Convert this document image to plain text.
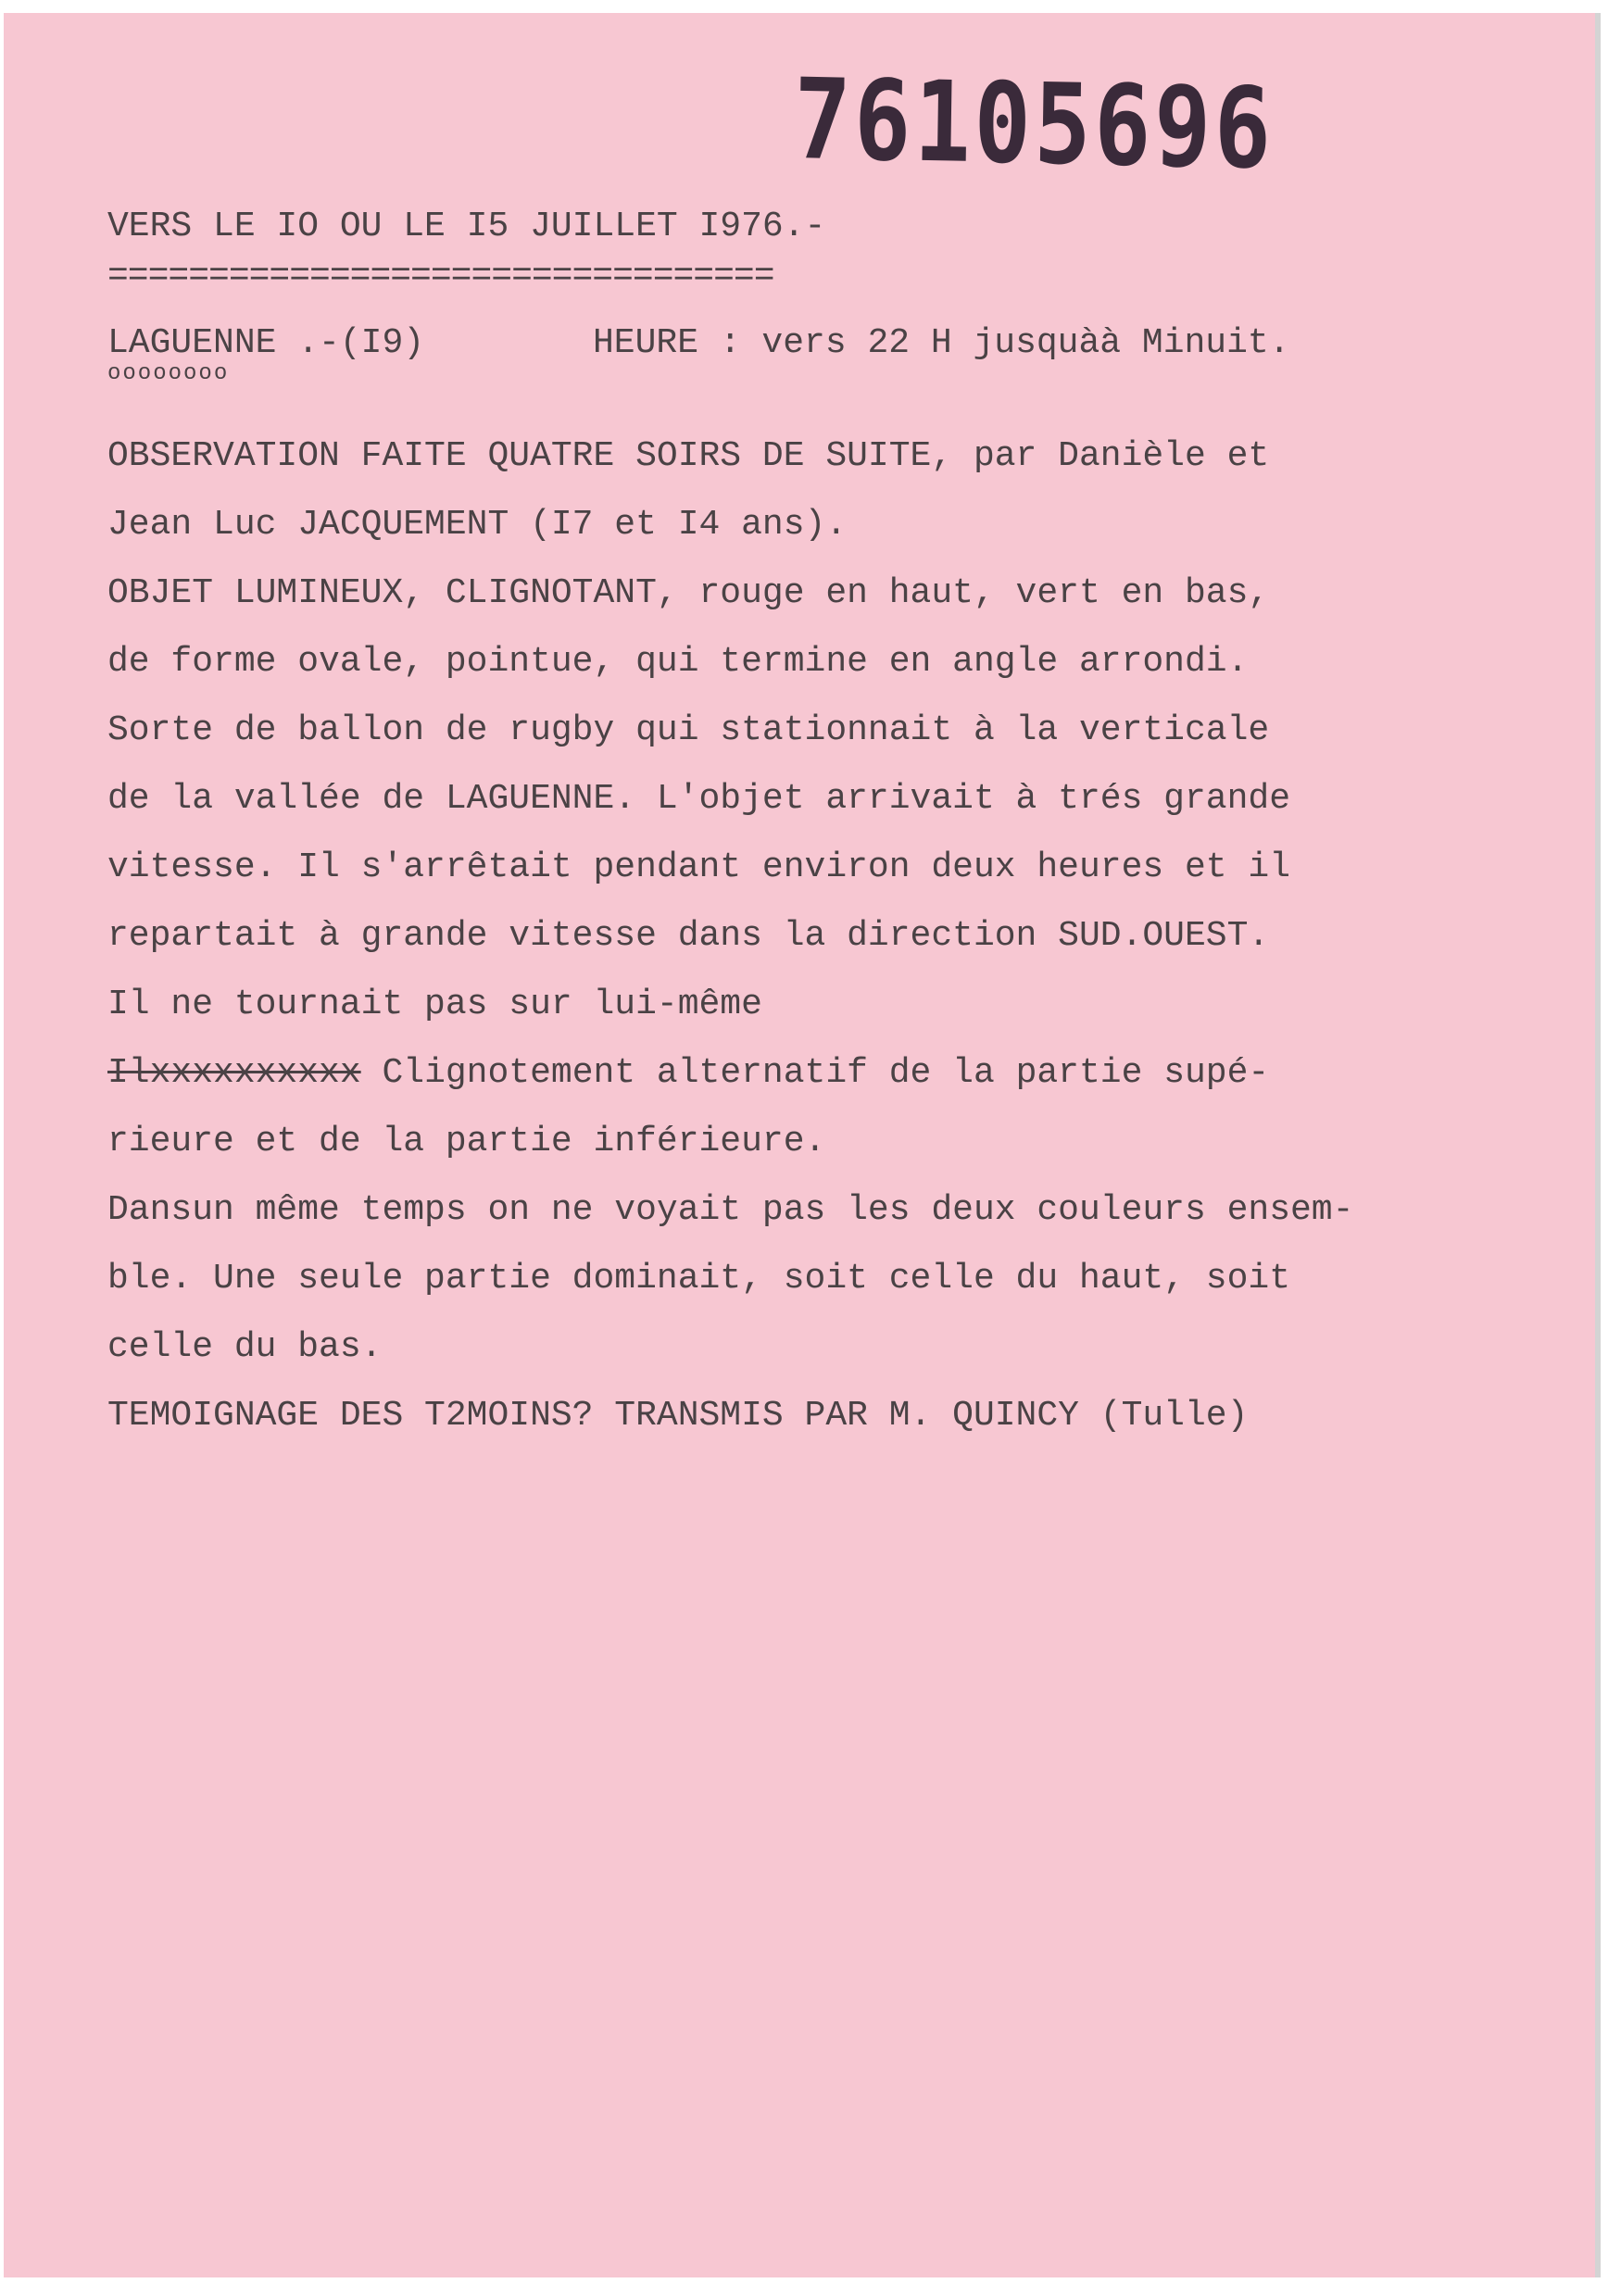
76105696
VERS LE IO OU LE I5 JUILLET I976.-
=================================
LAGUENNE .-(I9)
oooooooo
HEURE : vers 22 H jusquàà Minuit.
OBSERVATION FAITE QUATRE SOIRS DE SUITE, par Danièle et
Jean Luc JACQUEMENT (I7 et I4 ans).
OBJET LUMINEUX, CLIGNOTANT, rouge en haut, vert en bas,
de forme ovale, pointue, qui termine en angle arrondi.
Sorte de ballon de rugby qui stationnait à la verticale
de la vallée de LAGUENNE. L'objet arrivait à trés grande
vitesse. Il s'arrêtait pendant environ deux heures et il
repartait à grande vitesse dans la direction SUD.OUEST.
Il ne tournait pas sur lui-même
Ilxxxxxxxxxx Clignotement alternatif de la partie supé-
rieure et de la partie inférieure.
Dansun même temps on ne voyait pas les deux couleurs ensem-
ble. Une seule partie dominait, soit celle du haut, soit
celle du bas.
TEMOIGNAGE DES T2MOINS? TRANSMIS PAR M. QUINCY (Tulle)
